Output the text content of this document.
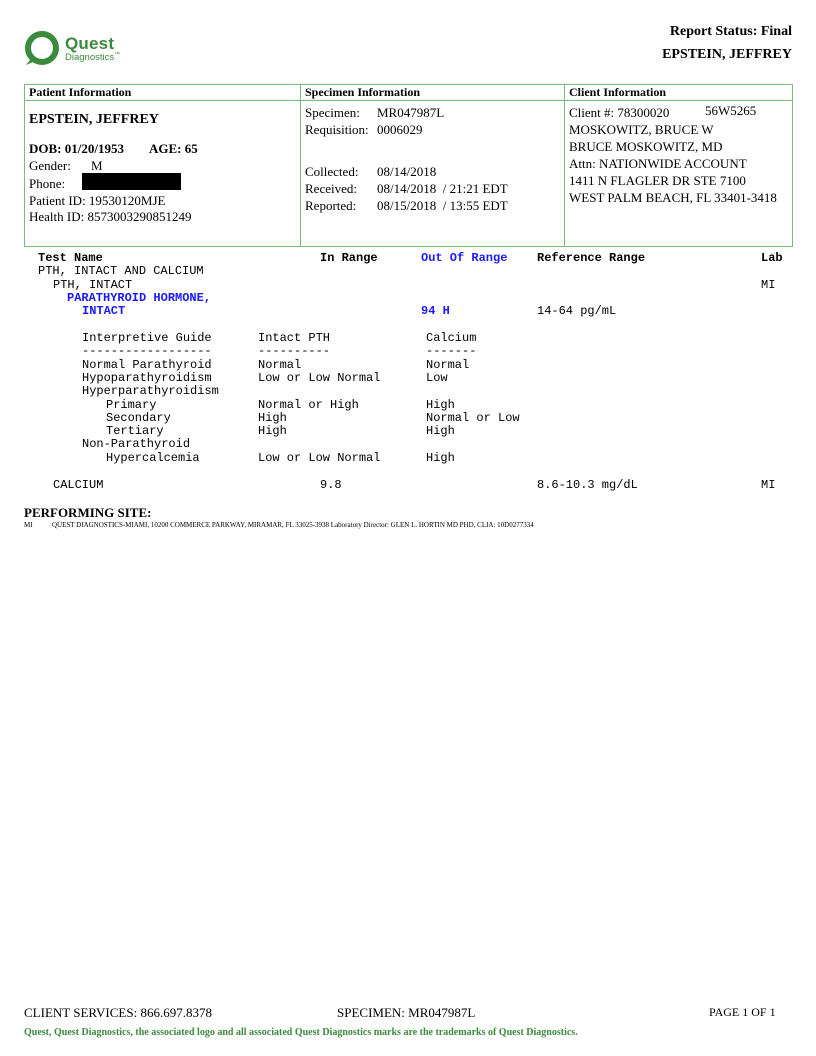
Quest
Diagnostics™
Report Status: Final
EPSTEIN, JEFFREY
Patient Information	Specimen Information	Client Information
EPSTEIN, JEFFREY
DOB: 01/20/1953 AGE: 65
Gender: M
Phone:
Patient ID: 19530120MJE
Health ID: 8573003290851249
Specimen: MR047987L
Requisition: 0006029
Collected: 08/14/2018
Received: 08/14/2018  / 21:21 EDT
Reported: 08/15/2018  / 13:55 EDT
Client #: 78300020	56W5265
MOSKOWITZ, BRUCE W
BRUCE MOSKOWITZ, MD
Attn: NATIONWIDE ACCOUNT
1411 N FLAGLER DR STE 7100
WEST PALM BEACH, FL 33401-3418
Test Name	In Range	Out Of Range Reference Range	Lab
PTH, INTACT AND CALCIUM
PTH, INTACT	MI
PARATHYROID HORMONE,
INTACT	94 H	14-64 pg/mL
Interpretive Guide	Intact PTH	Calcium
------------------	----------	-------
Normal Parathyroid	Normal	Normal
Hypoparathyroidism	Low or Low Normal	Low
Hyperparathyroidism
Primary	Normal or High	High
Secondary	High	Normal or Low
Tertiary	High	High
Non-Parathyroid
Hypercalcemia	Low or Low Normal	High
CALCIUM	9.8	8.6-10.3 mg/dL	MI
PERFORMING SITE:
MI	QUEST DIAGNOSTICS-MIAMI, 10200 COMMERCE PARKWAY, MIRAMAR, FL 33025-3938 Laboratory Director: GLEN L. HORTIN MD PHD, CLIA: 10D0277334
CLIENT SERVICES: 866.697.8378	SPECIMEN: MR047987L	PAGE 1 OF 1
Quest, Quest Diagnostics, the associated logo and all associated Quest Diagnostics marks are the trademarks of Quest Diagnostics.
